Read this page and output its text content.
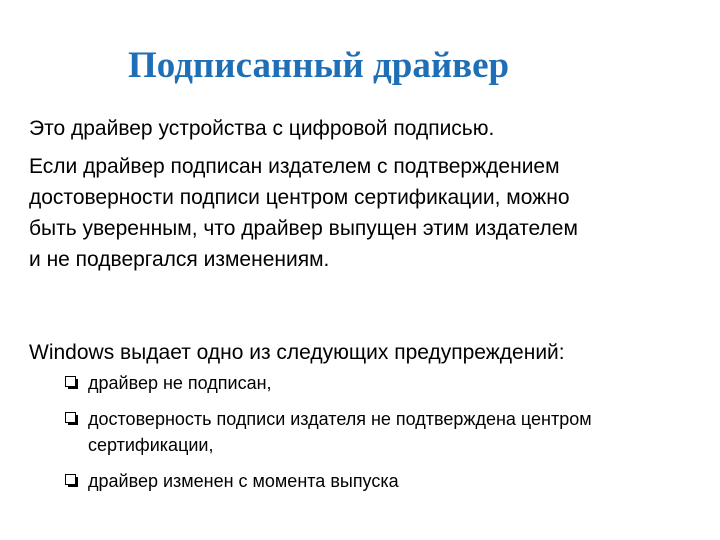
Подписанный драйвер
Это драйвер устройства с цифровой подписью.
Если драйвер подписан издателем с подтверждением
достоверности подписи центром сертификации, можно
быть уверенным, что драйвер выпущен этим издателем
и не подвергался изменениям.
Windows выдает одно из следующих предупреждений:
драйвер не подписан,
достоверность подписи издателя не подтверждена центром
сертификации,
драйвер изменен с момента выпуска
